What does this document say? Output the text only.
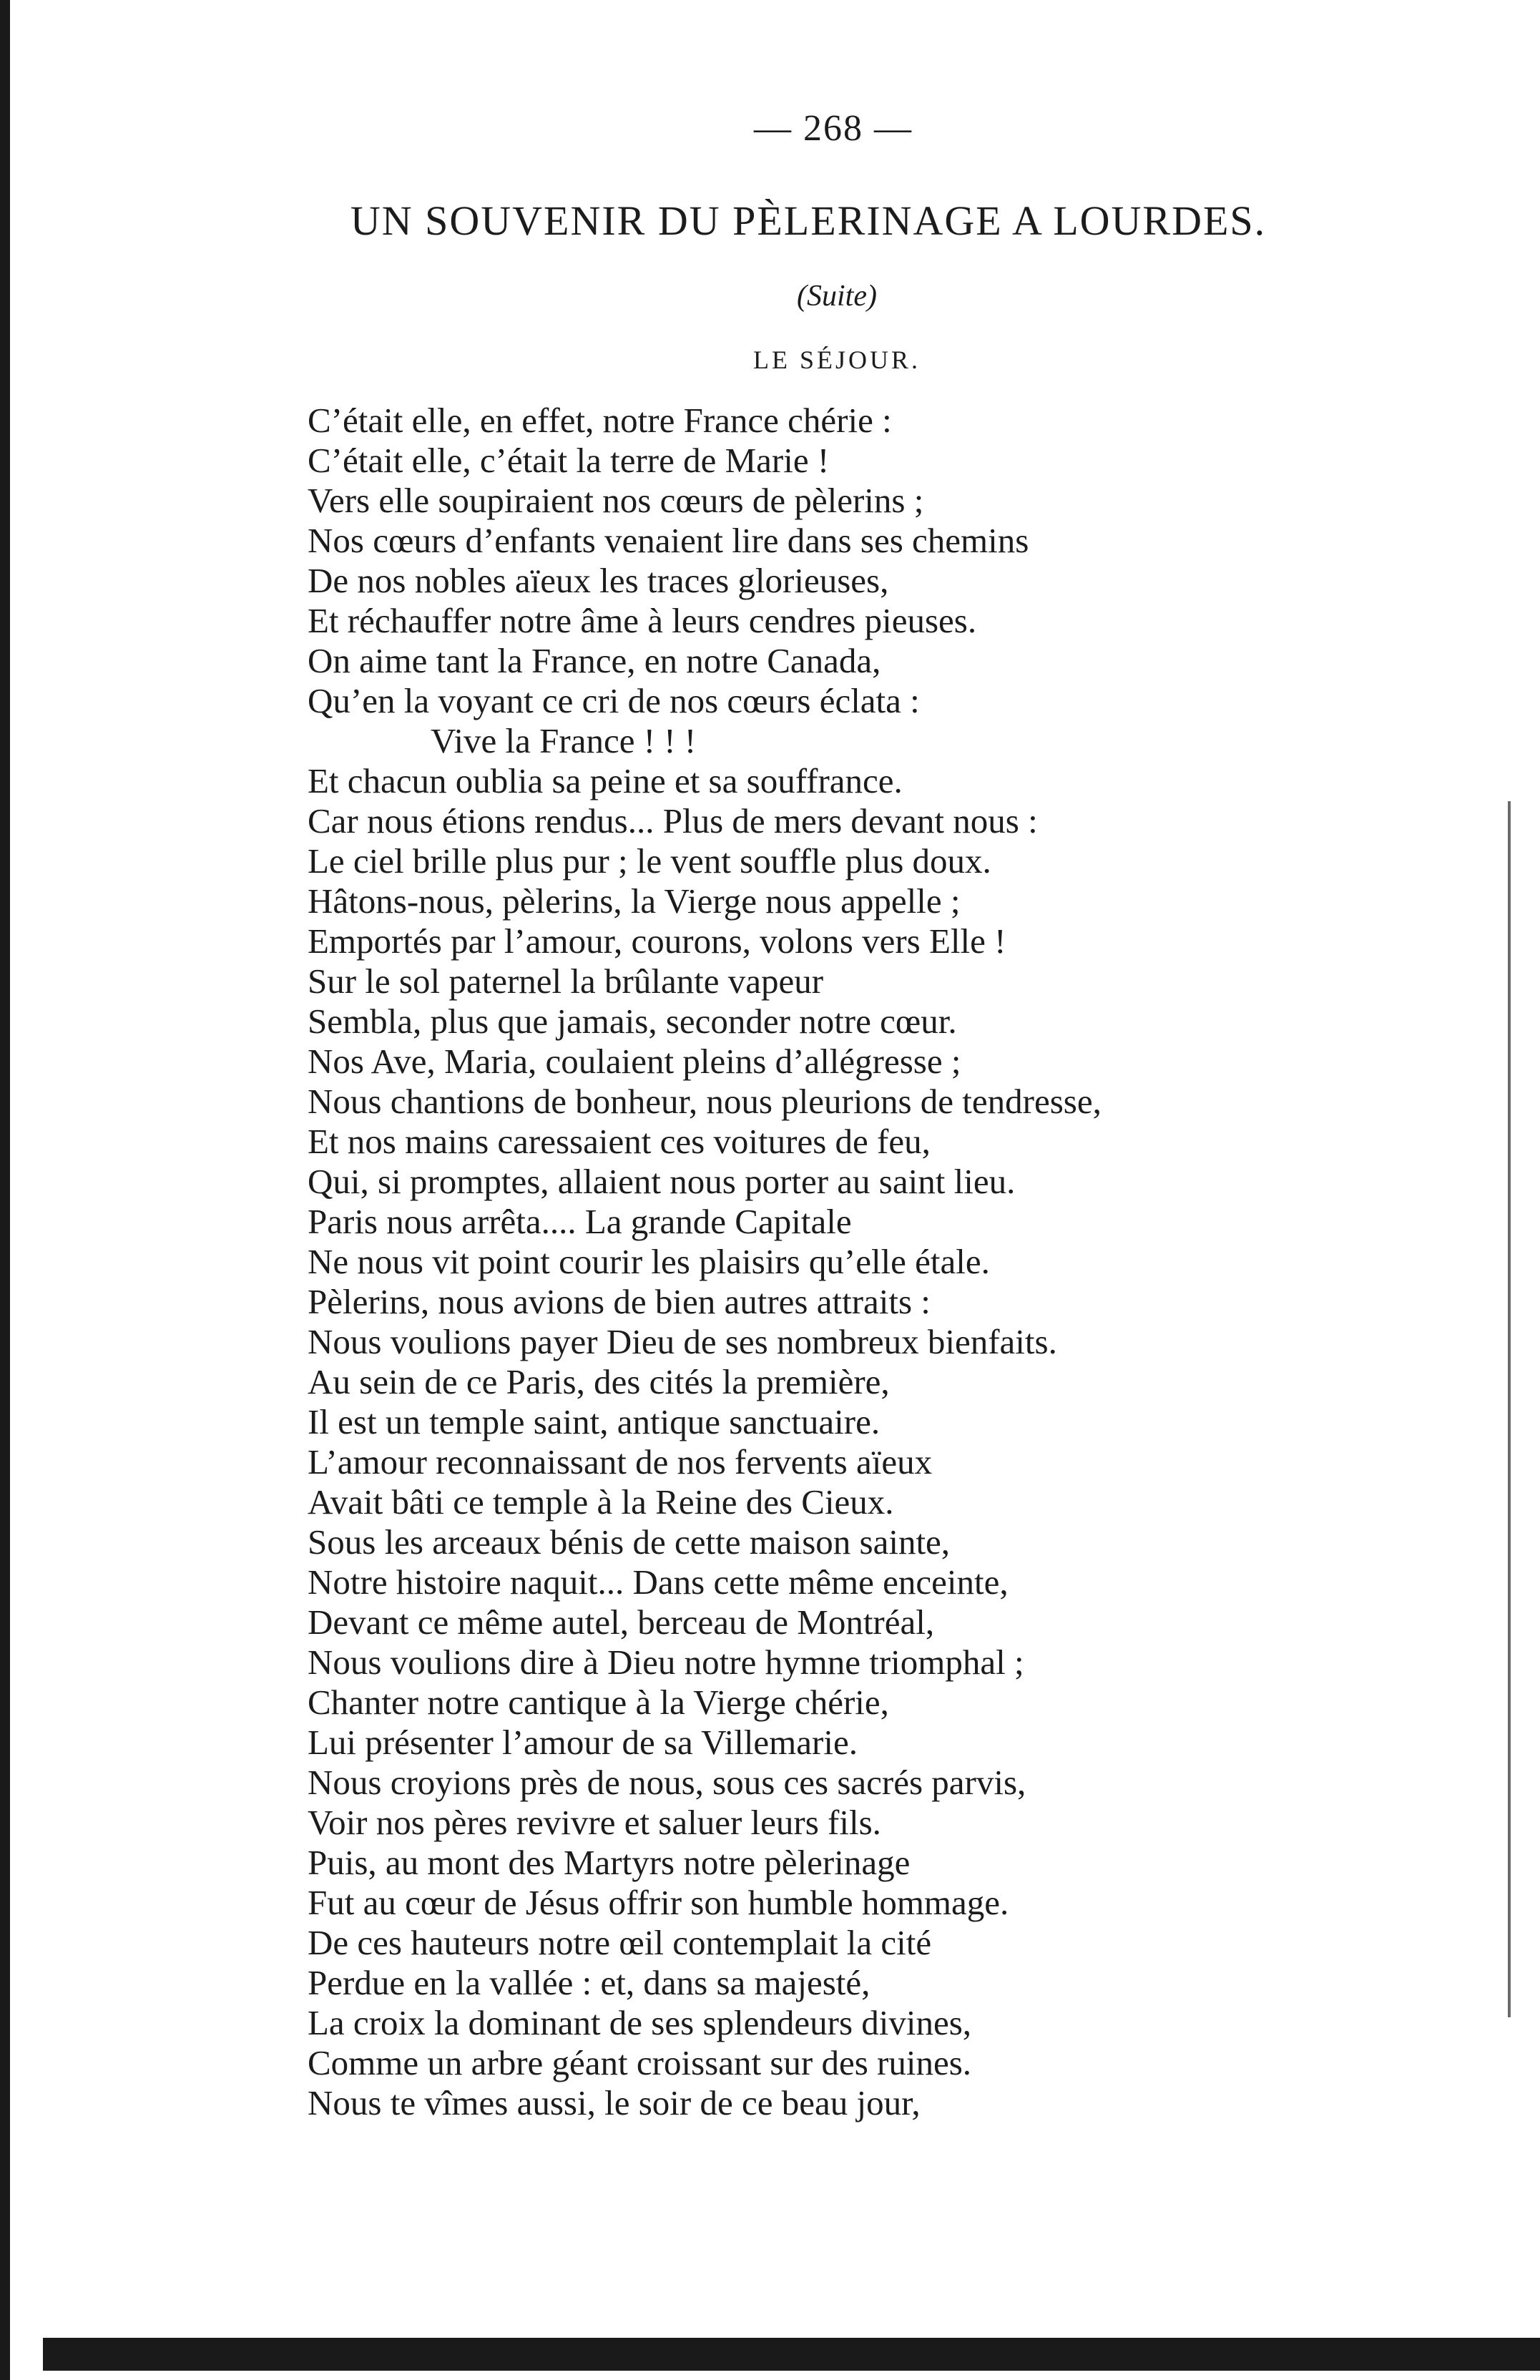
— 268 —
UN SOUVENIR DU PÈLERINAGE A LOURDES.
(Suite)
LE SÉJOUR.
C’était elle, en effet, notre France chérie :
C’était elle, c’était la terre de Marie !
Vers elle soupiraient nos cœurs de pèlerins ;
Nos cœurs d’enfants venaient lire dans ses chemins
De nos nobles aïeux les traces glorieuses,
Et réchauffer notre âme à leurs cendres pieuses.
On aime tant la France, en notre Canada,
Qu’en la voyant ce cri de nos cœurs éclata :
Vive la France ! ! !
Et chacun oublia sa peine et sa souffrance.
Car nous étions rendus... Plus de mers devant nous :
Le ciel brille plus pur ; le vent souffle plus doux.
Hâtons-nous, pèlerins, la Vierge nous appelle ;
Emportés par l’amour, courons, volons vers Elle !
Sur le sol paternel la brûlante vapeur
Sembla, plus que jamais, seconder notre cœur.
Nos Ave, Maria, coulaient pleins d’allégresse ;
Nous chantions de bonheur, nous pleurions de tendresse,
Et nos mains caressaient ces voitures de feu,
Qui, si promptes, allaient nous porter au saint lieu.
Paris nous arrêta.... La grande Capitale
Ne nous vit point courir les plaisirs qu’elle étale.
Pèlerins, nous avions de bien autres attraits :
Nous voulions payer Dieu de ses nombreux bienfaits.
Au sein de ce Paris, des cités la première,
Il est un temple saint, antique sanctuaire.
L’amour reconnaissant de nos fervents aïeux
Avait bâti ce temple à la Reine des Cieux.
Sous les arceaux bénis de cette maison sainte,
Notre histoire naquit... Dans cette même enceinte,
Devant ce même autel, berceau de Montréal,
Nous voulions dire à Dieu notre hymne triomphal ;
Chanter notre cantique à la Vierge chérie,
Lui présenter l’amour de sa Villemarie.
Nous croyions près de nous, sous ces sacrés parvis,
Voir nos pères revivre et saluer leurs fils.
Puis, au mont des Martyrs notre pèlerinage
Fut au cœur de Jésus offrir son humble hommage.
De ces hauteurs notre œil contemplait la cité
Perdue en la vallée : et, dans sa majesté,
La croix la dominant de ses splendeurs divines,
Comme un arbre géant croissant sur des ruines.
Nous te vîmes aussi, le soir de ce beau jour,
